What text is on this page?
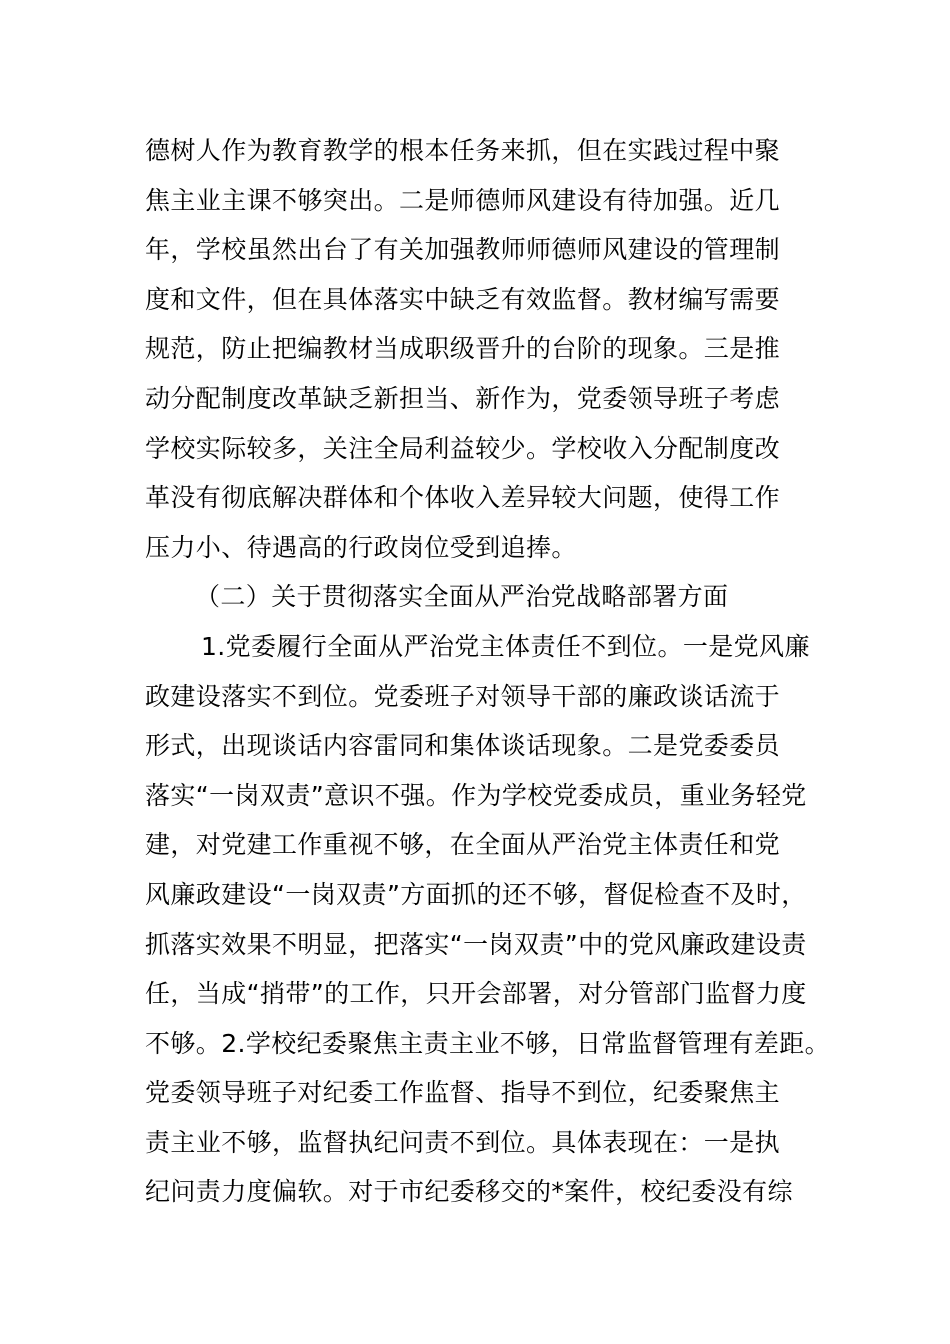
德树人作为教育教学的根本任务来抓，但在实践过程中聚
焦主业主课不够突出。二是师德师风建设有待加强。近几
年，学校虽然出台了有关加强教师师德师风建设的管理制
度和文件，但在具体落实中缺乏有效监督。教材编写需要
规范，防止把编教材当成职级晋升的台阶的现象。三是推
动分配制度改革缺乏新担当、新作为，党委领导班子考虑
学校实际较多，关注全局利益较少。学校收入分配制度改
革没有彻底解决群体和个体收入差异较大问题，使得工作
压力小、待遇高的行政岗位受到追捧。
（二）关于贯彻落实全面从严治党战略部署方面
1.党委履行全面从严治党主体责任不到位。一是党风廉
政建设落实不到位。党委班子对领导干部的廉政谈话流于
形式，出现谈话内容雷同和集体谈话现象。二是党委委员
落实“一岗双责”意识不强。作为学校党委成员，重业务轻党
建，对党建工作重视不够，在全面从严治党主体责任和党
风廉政建设“一岗双责”方面抓的还不够，督促检查不及时，
抓落实效果不明显，把落实“一岗双责”中的党风廉政建设责
任，当成“捎带”的工作，只开会部署，对分管部门监督力度
不够。2.学校纪委聚焦主责主业不够，日常监督管理有差距。
党委领导班子对纪委工作监督、指导不到位，纪委聚焦主
责主业不够，监督执纪问责不到位。具体表现在：一是执
纪问责力度偏软。对于市纪委移交的*案件，校纪委没有综
